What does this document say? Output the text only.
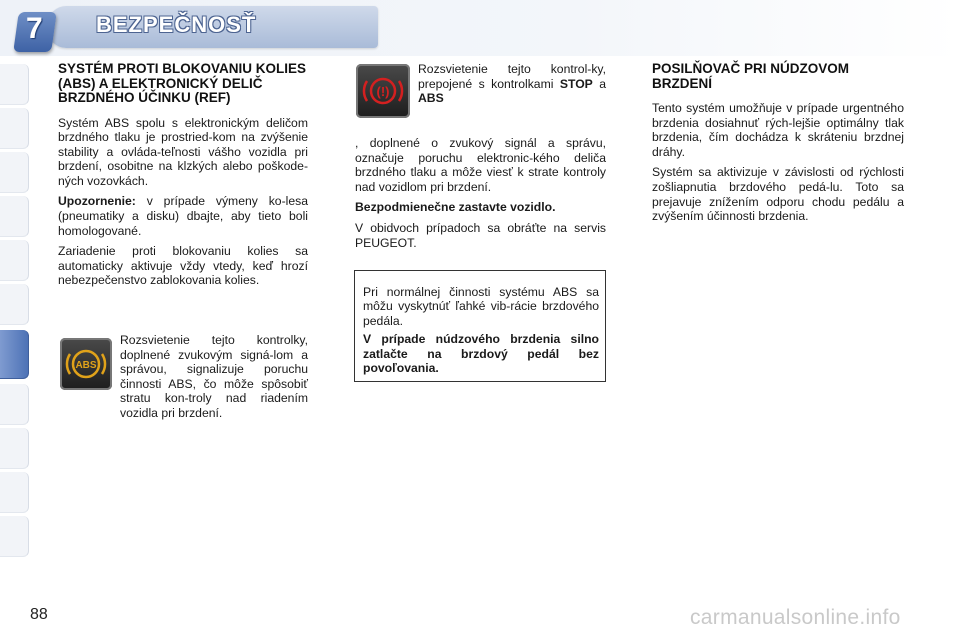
BEZPEČNOSŤ
7
SYSTÉM PROTI BLOKOVANIU KOLIES (ABS) A ELEKTRONICKÝ DELIČ BRZDNÉHO ÚČINKU (REF)

Systém ABS spolu s elektronickým deličom brzdného tlaku je prostried-kom na zvýšenie stability a ovláda-teľnosti vášho vozidla pri brzdení, osobitne na klzkých alebo poškode-ných vozovkách.

Upozornenie: v prípade výmeny ko-lesa (pneumatiky a disku) dbajte, aby tieto boli homologované.

Zariadenie proti blokovaniu kolies sa automaticky aktivuje vždy vtedy, keď hrozí nebezpečenstvo zablokovania kolies.

ABS

Rozsvietenie tejto kontrolky, doplnené zvukovým signá-lom a správou, signalizuje poruchu činnosti ABS, čo môže spôsobiť stratu kon-troly nad riadením vozidla pri brzdení.

(!)

Rozsvietenie tejto kontrol-ky, prepojené s kontrolkami STOP a ABS

, doplnené o zvukový signál a správu, označuje poruchu elektronic-kého deliča brzdného tlaku a môže viesť k strate kontroly nad vozidlom pri brzdení.

Bezpodmienečne zastavte vozidlo.

V obidvoch prípadoch sa obráťte na servis PEUGEOT.

Pri normálnej činnosti systému ABS sa môžu vyskytnúť ľahké vib-rácie brzdového pedála.

V prípade núdzového brzdenia silno zatlačte na brzdový pedál bez povoľovania.

POSILŇOVAČ PRI NÚDZOVOM BRZDENÍ

Tento systém umožňuje v prípade urgentného brzdenia dosiahnuť rých-lejšie optimálny tlak brzdenia, čím dochádza k skráteniu brzdnej dráhy.

Systém sa aktivizuje v závislosti od rýchlosti zošliapnutia brzdového pedá-lu. Toto sa prejavuje znížením odporu chodu pedálu a zvýšením účinnosti brzdenia.

88	carmanualsonline.info
